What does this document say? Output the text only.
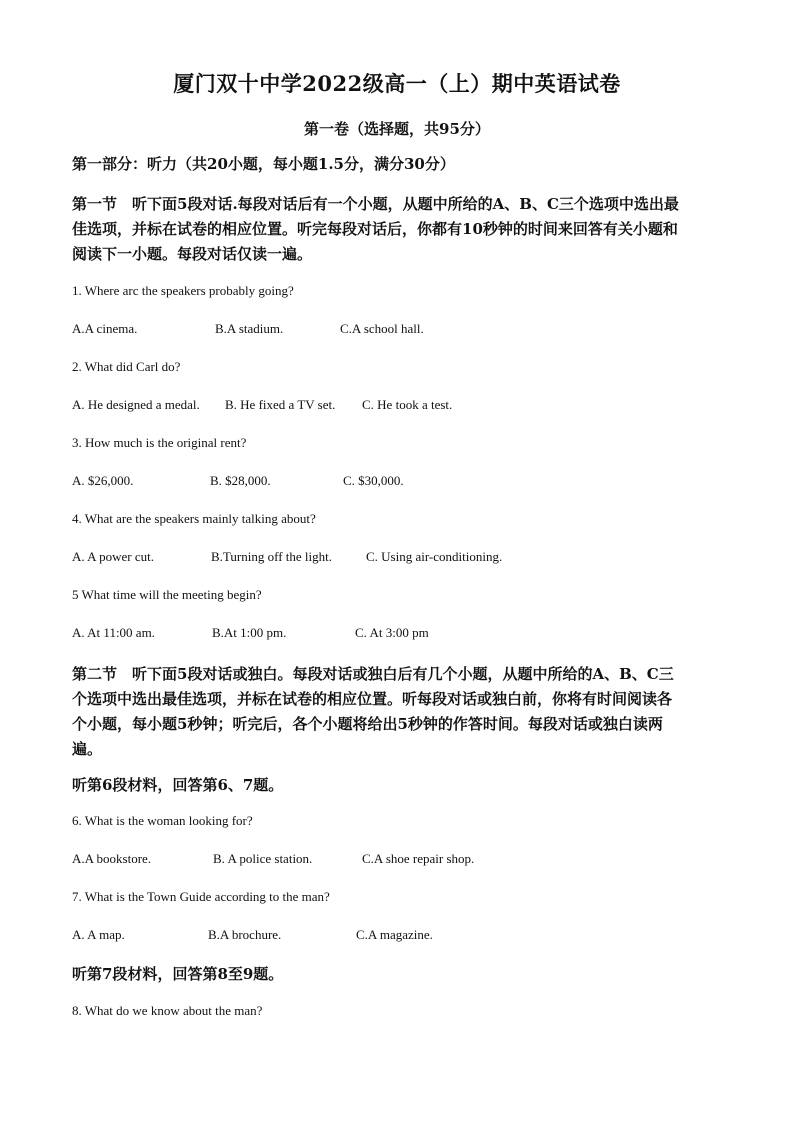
厦门双十中学2022级高一（上）期中英语试卷
第一卷（选择题，共95分）
第一部分：听力（共20小题，每小题1.5分，满分30分）
第一节　听下面5段对话.每段对话后有一个小题，从题中所给的A、B、C三个选项中选出最
佳选项，并标在试卷的相应位置。听完每段对话后，你都有10秒钟的时间来回答有关小题和
阅读下一小题。每段对话仅读一遍。
1. Where arc the speakers probably going?
A.A cinema.	B.A stadium.	C.A school hall.
2. What did Carl do?
A. He designed a medal. B. He fixed a TV set. C. He took a test.
3. How much is the original rent?
A. $26,000.	B. $28,000.	C. $30,000.
4. What are the speakers mainly talking about?
A. A power cut.	B.Turning off the light.	C. Using air-conditioning.
5 What time will the meeting begin?
A. At 11:00 am.	B.At 1:00 pm.	C. At 3:00 pm
第二节　听下面5段对话或独白。每段对话或独白后有几个小题，从题中所给的A、B、C三
个选项中选出最佳选项，并标在试卷的相应位置。听每段对话或独白前，你将有时间阅读各
个小题，每小题5秒钟；听完后，各个小题将给出5秒钟的作答时间。每段对话或独白读两
遍。
听第6段材料，回答第6、7题。
6. What is the woman looking for?
A.A bookstore.	B. A police station.	C.A shoe repair shop.
7. What is the Town Guide according to the man?
A. A map.	B.A brochure.	C.A magazine.
听第7段材料，回答第8至9题。
8. What do we know about the man?
